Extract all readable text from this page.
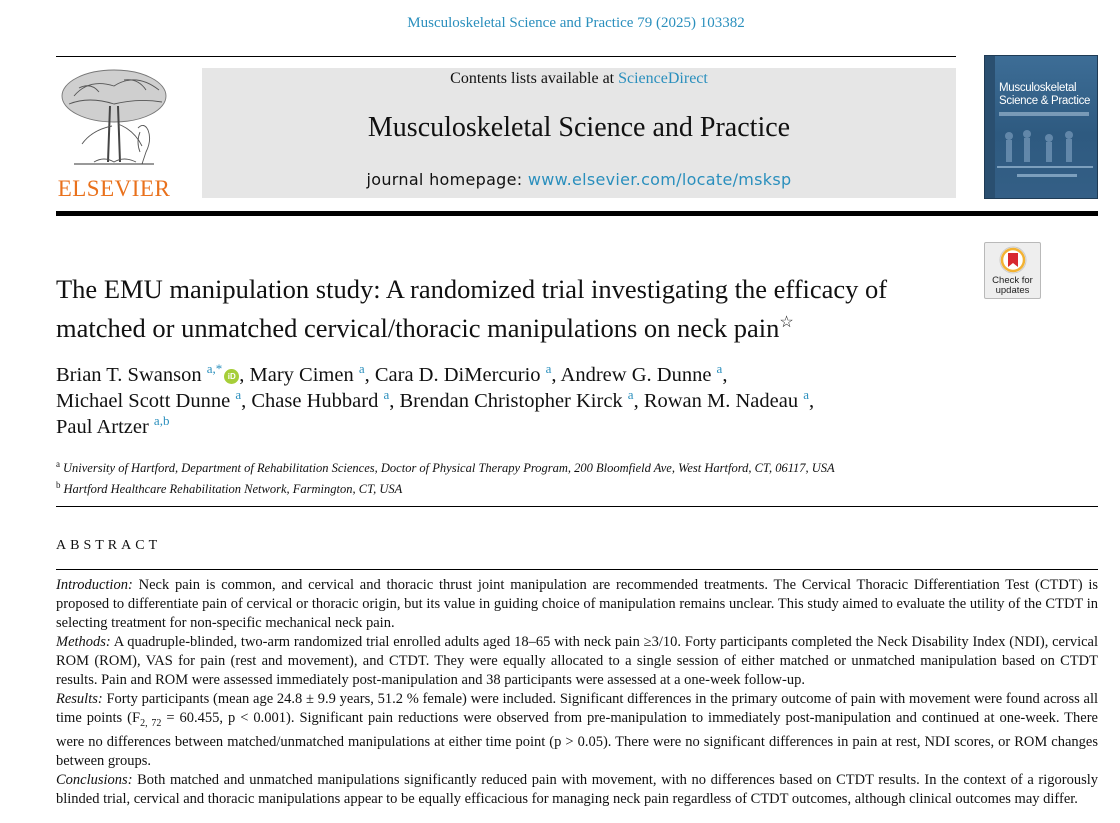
Musculoskeletal Science and Practice 79 (2025) 103382
ELSEVIER
Contents lists available at ScienceDirect
Musculoskeletal Science and Practice
journal homepage: www.elsevier.com/locate/msksp
Musculoskeletal Science & Practice
Check for
updates
The EMU manipulation study: A randomized trial investigating the efficacy of matched or unmatched cervical/thoracic manipulations on neck pain☆
Brian T. Swanson $^{a,*}$iD , Mary Cimen $^a$, Cara D. DiMercurio $^a$, Andrew G. Dunne $^a$,
Michael Scott Dunne $^a$, Chase Hubbard $^a$, Brendan Christopher Kirck $^a$, Rowan M. Nadeau $^a$,
Paul Artzer $^{a,b}$
$^a$ University of Hartford, Department of Rehabilitation Sciences, Doctor of Physical Therapy Program, 200 Bloomfield Ave, West Hartford, CT, 06117, USA
$^b$ Hartford Healthcare Rehabilitation Network, Farmington, CT, USA
ABSTRACT

Introduction: Neck pain is common, and cervical and thoracic thrust joint manipulation are recommended treatments. The Cervical Thoracic Differentiation Test (CTDT) is proposed to differentiate pain of cervical or thoracic origin, but its value in guiding choice of manipulation remains unclear. This study aimed to evaluate the utility of the CTDT in selecting treatment for non-specific mechanical neck pain.

Methods: A quadruple-blinded, two-arm randomized trial enrolled adults aged 18–65 with neck pain ≥3/10. Forty participants completed the Neck Disability Index (NDI), cervical ROM (ROM), VAS for pain (rest and movement), and CTDT. They were equally allocated to a single session of either matched or unmatched manipulation based on CTDT results. Pain and ROM were assessed immediately post-manipulation and 38 participants were assessed at a one-week follow-up.

Results: Forty participants (mean age 24.8 ± 9.9 years, 51.2 % female) were included. Significant differences in the primary outcome of pain with movement were found across all time points ($F_{2, 72} = 60.455$, p < 0.001). Significant pain reductions were observed from pre-manipulation to immediately post-manipulation and continued at one-week. There were no differences between matched/unmatched manipulations at either time point (p > 0.05). There were no significant differences in pain at rest, NDI scores, or ROM changes between groups.

Conclusions: Both matched and unmatched manipulations significantly reduced pain with movement, with no differences based on CTDT results. In the context of a rigorously blinded trial, cervical and thoracic manipulations appear to be equally efficacious for managing neck pain regardless of CTDT outcomes, although clinical outcomes may differ.
